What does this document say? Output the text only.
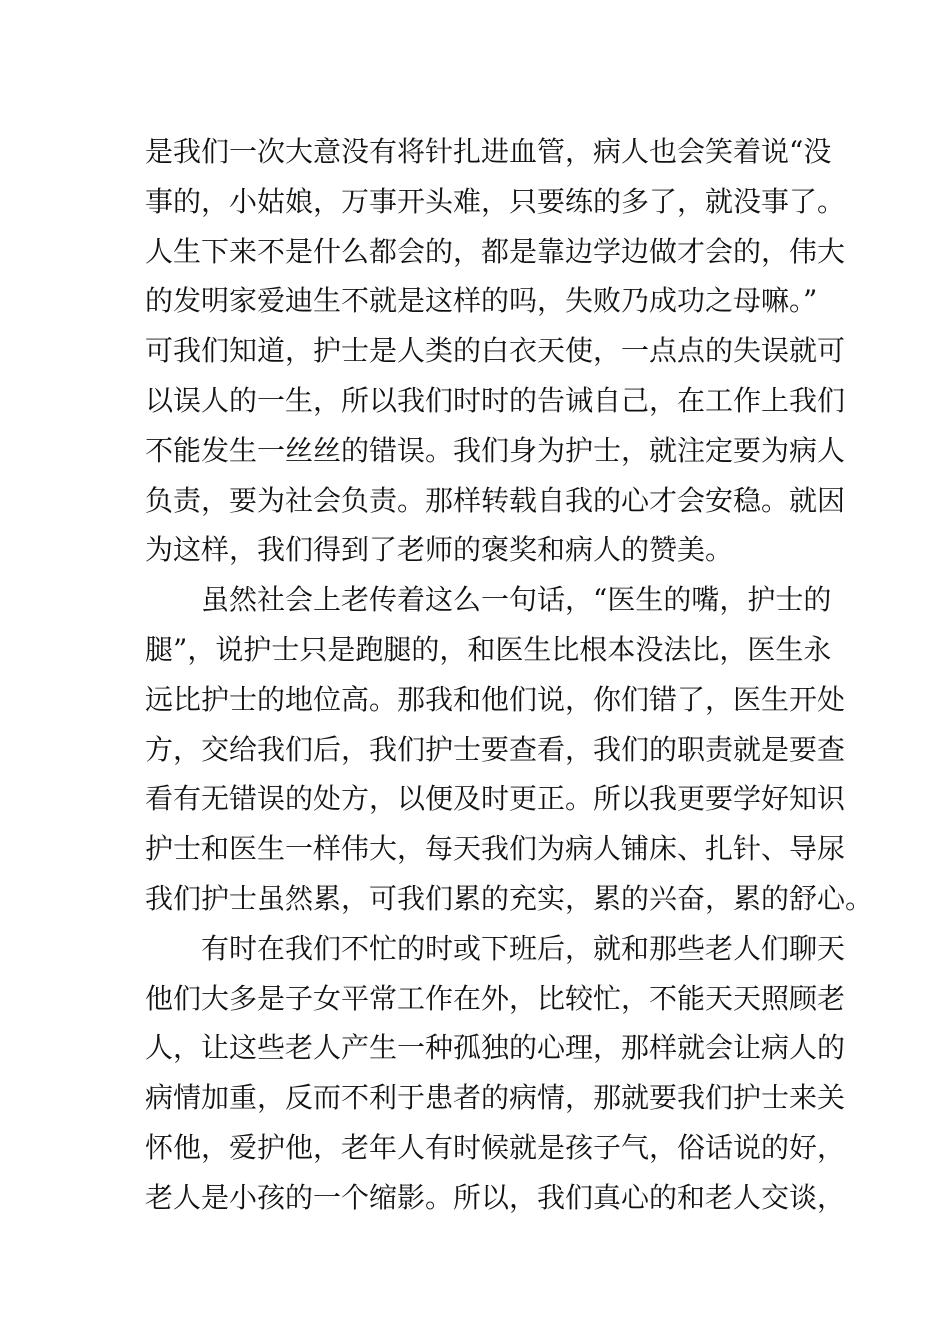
是我们一次大意没有将针扎进血管，病人也会笑着说“没
事的，小姑娘，万事开头难，只要练的多了，就没事了。
人生下来不是什么都会的，都是靠边学边做才会的，伟大
的发明家爱迪生不就是这样的吗，失败乃成功之母嘛。”
可我们知道，护士是人类的白衣天使，一点点的失误就可
以误人的一生，所以我们时时的告诫自己，在工作上我们
不能发生一丝丝的错误。我们身为护士，就注定要为病人
负责，要为社会负责。那样转载自我的心才会安稳。就因
为这样，我们得到了老师的褒奖和病人的赞美。
虽然社会上老传着这么一句话，“医生的嘴，护士的
腿”，说护士只是跑腿的，和医生比根本没法比，医生永
远比护士的地位高。那我和他们说，你们错了，医生开处
方，交给我们后，我们护士要查看，我们的职责就是要查
看有无错误的处方，以便及时更正。所以我更要学好知识
护士和医生一样伟大，每天我们为病人铺床、扎针、导尿
我们护士虽然累，可我们累的充实，累的兴奋，累的舒心。
有时在我们不忙的时或下班后，就和那些老人们聊天
他们大多是子女平常工作在外，比较忙，不能天天照顾老
人，让这些老人产生一种孤独的心理，那样就会让病人的
病情加重，反而不利于患者的病情，那就要我们护士来关
怀他，爱护他，老年人有时候就是孩子气，俗话说的好，
老人是小孩的一个缩影。所以，我们真心的和老人交谈，
